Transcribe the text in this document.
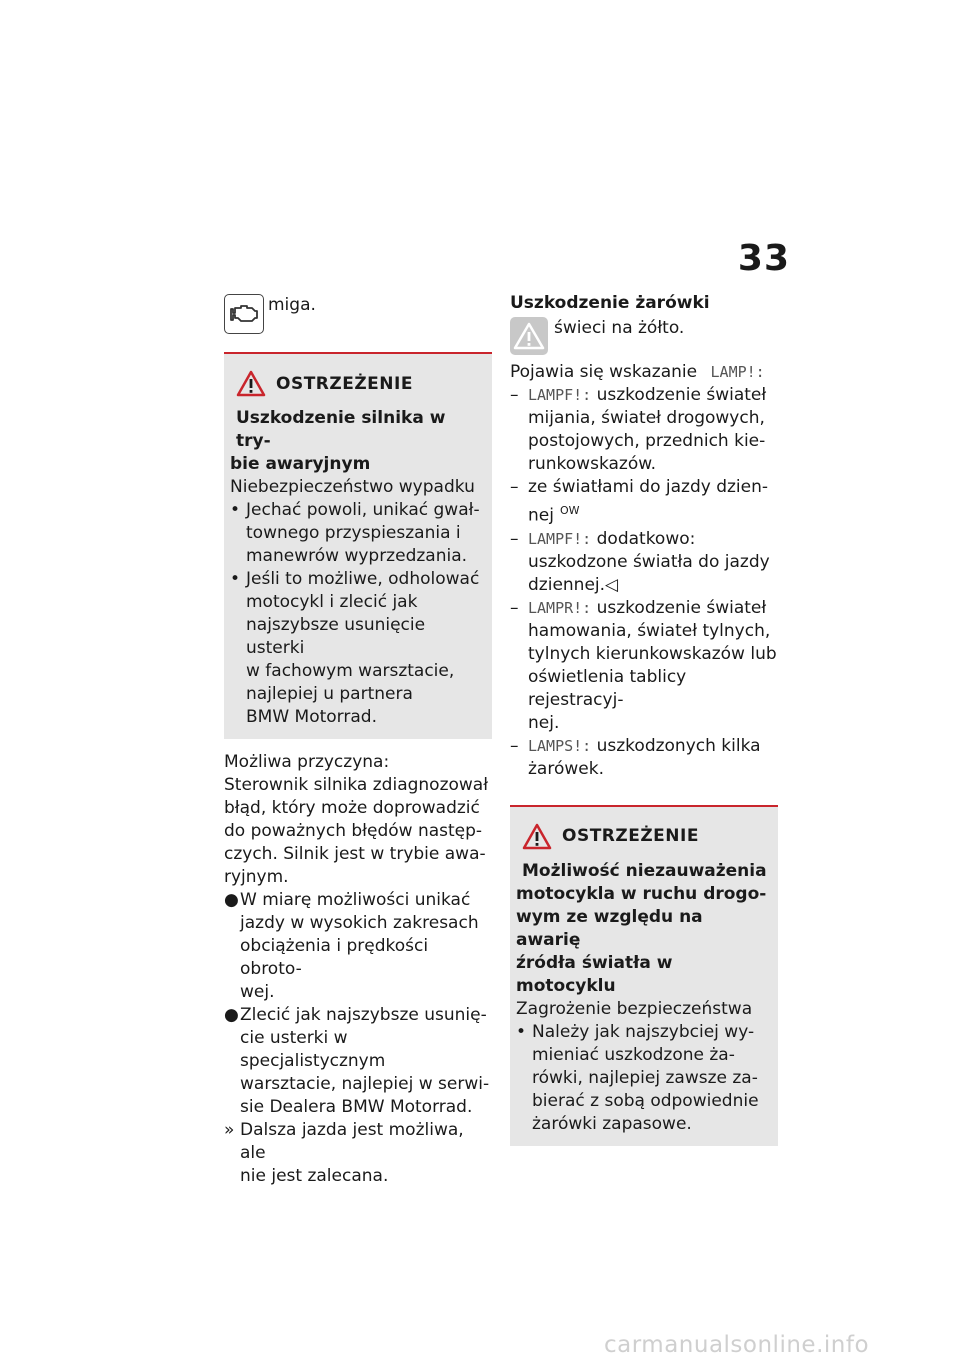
33
miga.
OSTRZEŻENIE
Uszkodzenie silnika w try-
bie awaryjnym
Niebezpieczeństwo wypadku
• Jechać powoli, unikać gwał-
townego przyspieszania i
manewrów wyprzedzania.
• Jeśli to możliwe, odholować
motocykl i zlecić jak
najszybsze usunięcie usterki
w fachowym warsztacie,
najlepiej u partnera
BMW Motorrad.
Możliwa przyczyna:
Sterownik silnika zdiagnozował
błąd, który może doprowadzić
do poważnych błędów następ-
czych. Silnik jest w trybie awa-
ryjnym.
● W miarę możliwości unikać
jazdy w wysokich zakresach
obciążenia i prędkości obroto-
wej.
● Zlecić jak najszybsze usunię-
cie usterki w specjalistycznym
warsztacie, najlepiej w serwi-
sie Dealera BMW Motorrad.
» Dalsza jazda jest możliwa, ale
nie jest zalecana.
Uszkodzenie żarówki
świeci na żółto.
Pojawia się wskazanie LAMP!:
– LAMPF!: uszkodzenie świateł
mijania, świateł drogowych,
postojowych, przednich kie-
runkowskazów.
– ze światłami do jazdy dzien-
nej $^{OW}$
– LAMPF!: dodatkowo:
uszkodzone światła do jazdy
dziennej.◁
– LAMPR!: uszkodzenie świateł
hamowania, świateł tylnych,
tylnych kierunkowskazów lub
oświetlenia tablicy rejestracyj-
nej.
– LAMPS!: uszkodzonych kilka
żarówek.
OSTRZEŻENIE
Możliwość niezauważenia
motocykla w ruchu drogo-
wym ze względu na awarię
źródła światła w motocyklu
Zagrożenie bezpieczeństwa
• Należy jak najszybciej wy-
mieniać uszkodzone ża-
rówki, najlepiej zawsze za-
bierać z sobą odpowiednie
żarówki zapasowe.
carmanualsonline.info
